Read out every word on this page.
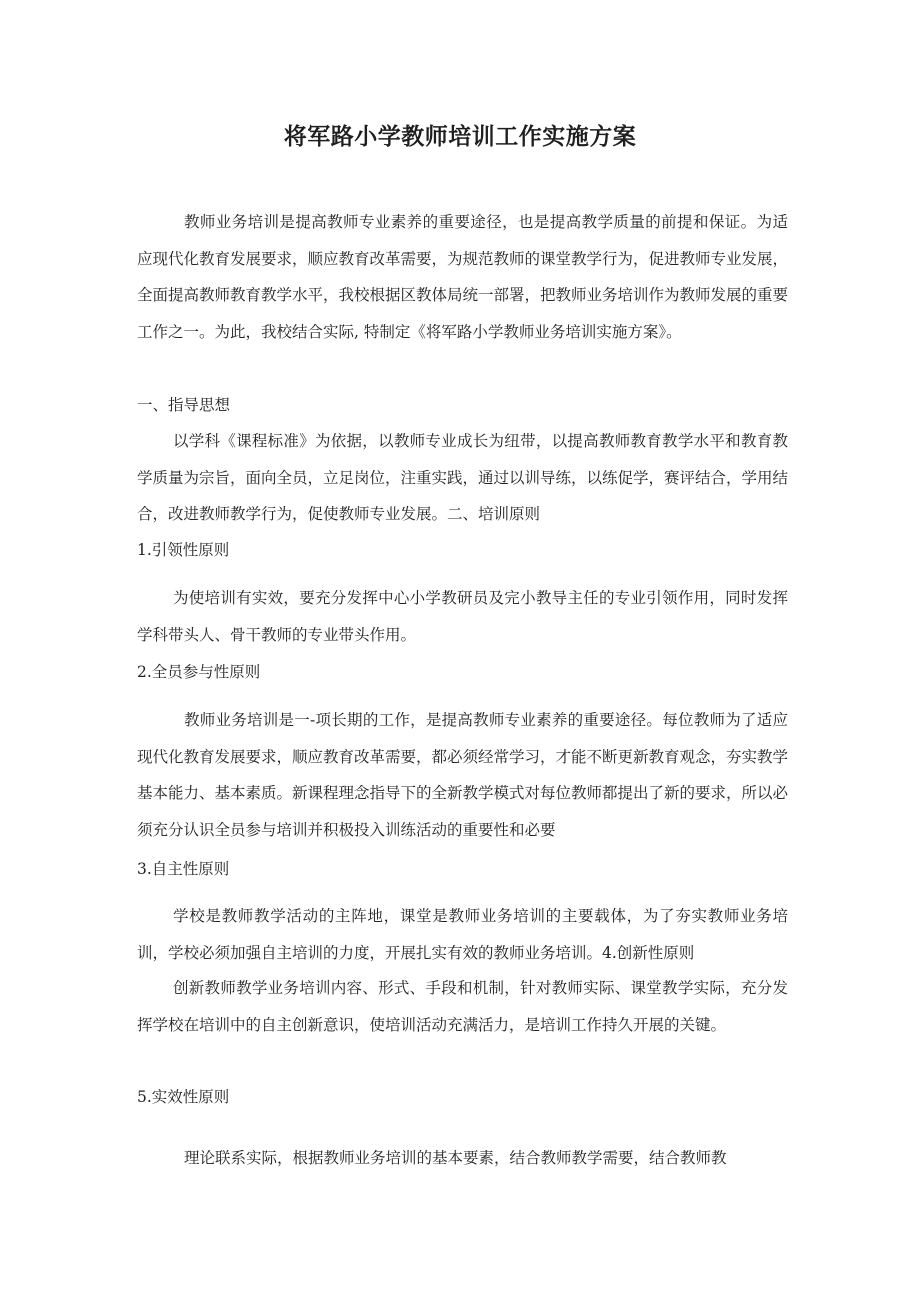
将军路小学教师培训工作实施方案

教师业务培训是提高教师专业素养的重要途径，也是提高教学质量的前提和保证。为适应现代化教育发展要求，顺应教育改革需要，为规范教师的课堂教学行为，促进教师专业发展，全面提高教师教育教学水平，我校根据区教体局统一部署，把教师业务培训作为教师发展的重要工作之一。为此，我校结合实际, 特制定《将军路小学教师业务培训实施方案》。

一、指导思想

以学科《课程标准》为依据，以教师专业成长为纽带，以提高教师教育教学水平和教育教学质量为宗旨，面向全员，立足岗位，注重实践，通过以训导练，以练促学，赛评结合，学用结合，改进教师教学行为，促使教师专业发展。二、培训原则

1.引领性原则

为使培训有实效，要充分发挥中心小学教研员及完小教导主任的专业引领作用，同时发挥学科带头人、骨干教师的专业带头作用。

2.全员参与性原则

教师业务培训是一-项长期的工作，是提高教师专业素养的重要途径。每位教师为了适应现代化教育发展要求，顺应教育改革需要，都必须经常学习，才能不断更新教育观念，夯实教学基本能力、基本素质。新课程理念指导下的全新教学模式对每位教师都提出了新的要求，所以必须充分认识全员参与培训并积极投入训练活动的重要性和必要

3.自主性原则

学校是教师教学活动的主阵地，课堂是教师业务培训的主要载体，为了夯实教师业务培训，学校必须加强自主培训的力度，开展扎实有效的教师业务培训。4.创新性原则

创新教师教学业务培训内容、形式、手段和机制，针对教师实际、课堂教学实际，充分发挥学校在培训中的自主创新意识，使培训活动充满活力，是培训工作持久开展的关键。

5.实效性原则

理论联系实际，根据教师业务培训的基本要素，结合教师教学需要，结合教师教
